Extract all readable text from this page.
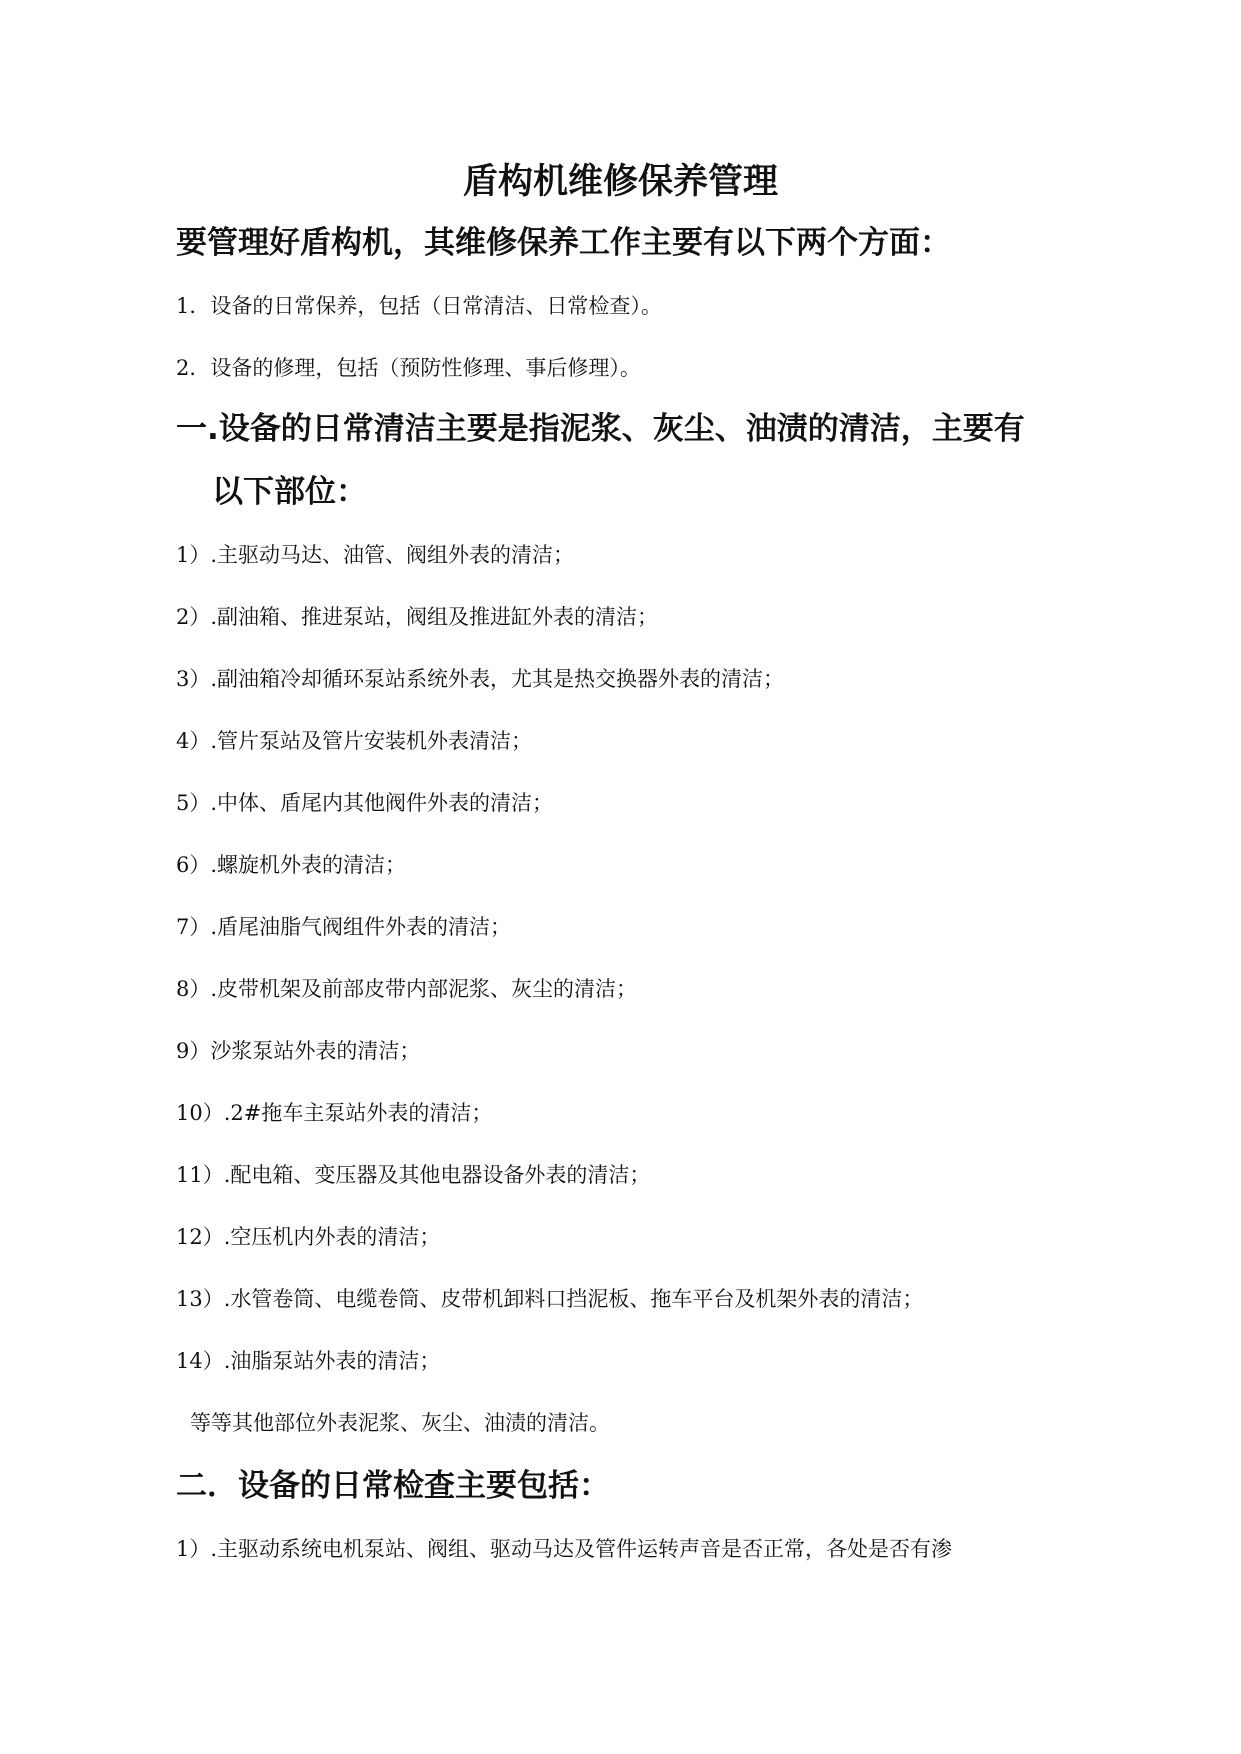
盾构机维修保养管理
要管理好盾构机，其维修保养工作主要有以下两个方面：
1．设备的日常保养，包括（日常清洁、日常检查）。
2．设备的修理，包括（预防性修理、事后修理）。
一.设备的日常清洁主要是指泥浆、灰尘、油渍的清洁，主要有
以下部位：
1）.主驱动马达、油管、阀组外表的清洁；
2）.副油箱、推进泵站，阀组及推进缸外表的清洁；
3）.副油箱冷却循环泵站系统外表，尤其是热交换器外表的清洁；
4）.管片泵站及管片安装机外表清洁；
5）.中体、盾尾内其他阀件外表的清洁；
6）.螺旋机外表的清洁；
7）.盾尾油脂气阀组件外表的清洁；
8）.皮带机架及前部皮带内部泥浆、灰尘的清洁；
9）沙浆泵站外表的清洁；
10）.2#拖车主泵站外表的清洁；
11）.配电箱、变压器及其他电器设备外表的清洁；
12）.空压机内外表的清洁；
13）.水管卷筒、电缆卷筒、皮带机卸料口挡泥板、拖车平台及机架外表的清洁；
14）.油脂泵站外表的清洁；
等等其他部位外表泥浆、灰尘、油渍的清洁。
二．设备的日常检查主要包括：
1）.主驱动系统电机泵站、阀组、驱动马达及管件运转声音是否正常，各处是否有渗
